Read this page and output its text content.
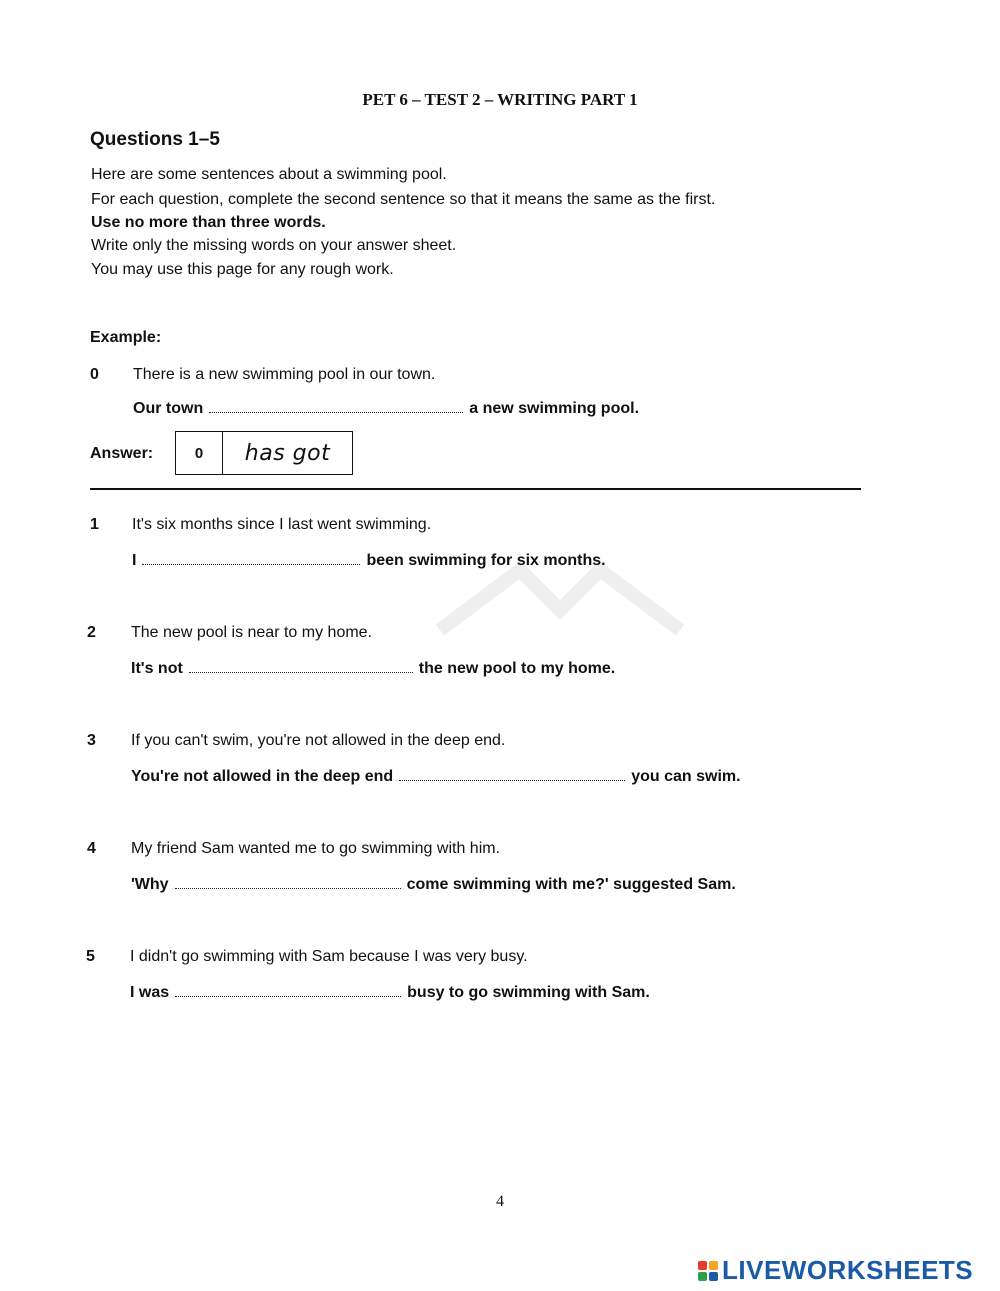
PET 6 – TEST 2 – WRITING PART 1
Questions 1–5
Here are some sentences about a swimming pool.
For each question, complete the second sentence so that it means the same as the first.
Use no more than three words.
Write only the missing words on your answer sheet.
You may use this page for any rough work.
Example:
0 There is a new swimming pool in our town.
Our town	a new swimming pool.
Answer:	0	has got
1 It's six months since I last went swimming.
I	been swimming for six months.
2 The new pool is near to my home.
It's not	the new pool to my home.
3 If you can't swim, you're not allowed in the deep end.
You're not allowed in the deep end	you can swim.
4 My friend Sam wanted me to go swimming with him.
'Why	come swimming with me?' suggested Sam.
5 I didn't go swimming with Sam because I was very busy.
I was	busy to go swimming with Sam.
4
LIVEWORKSHEETS
